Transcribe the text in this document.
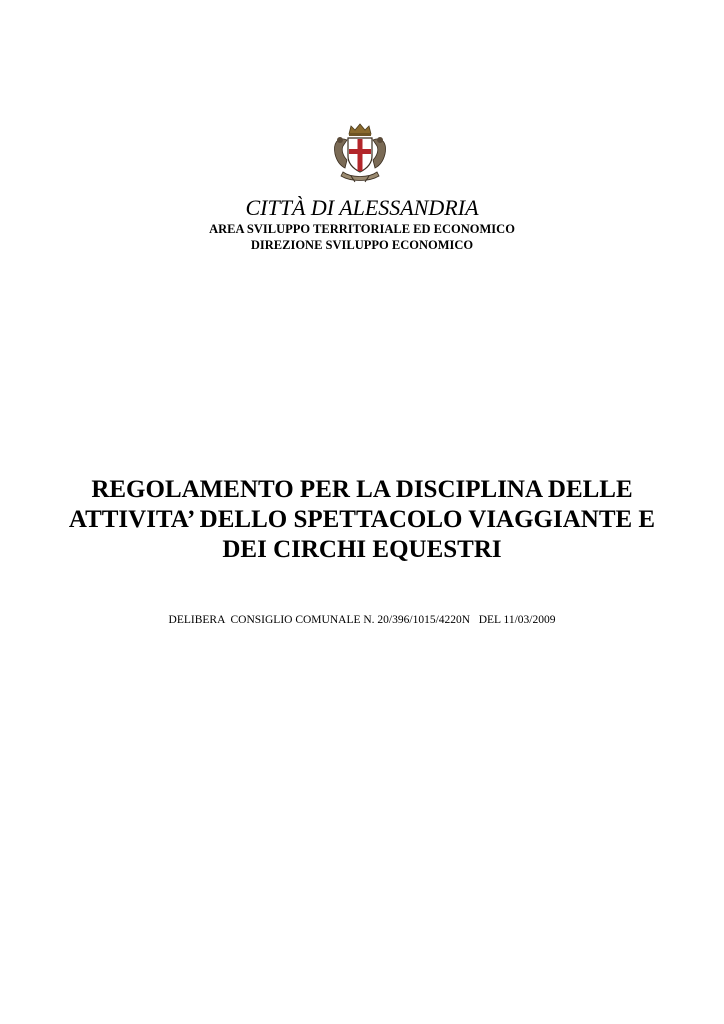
CITTÀ DI ALESSANDRIA
AREA SVILUPPO TERRITORIALE ED ECONOMICO
DIREZIONE SVILUPPO ECONOMICO
REGOLAMENTO PER LA DISCIPLINA DELLE
ATTIVITA’ DELLO SPETTACOLO VIAGGIANTE E
DEI CIRCHI EQUESTRI
DELIBERA  CONSIGLIO COMUNALE N. 20/396/1015/4220N   DEL 11/03/2009
